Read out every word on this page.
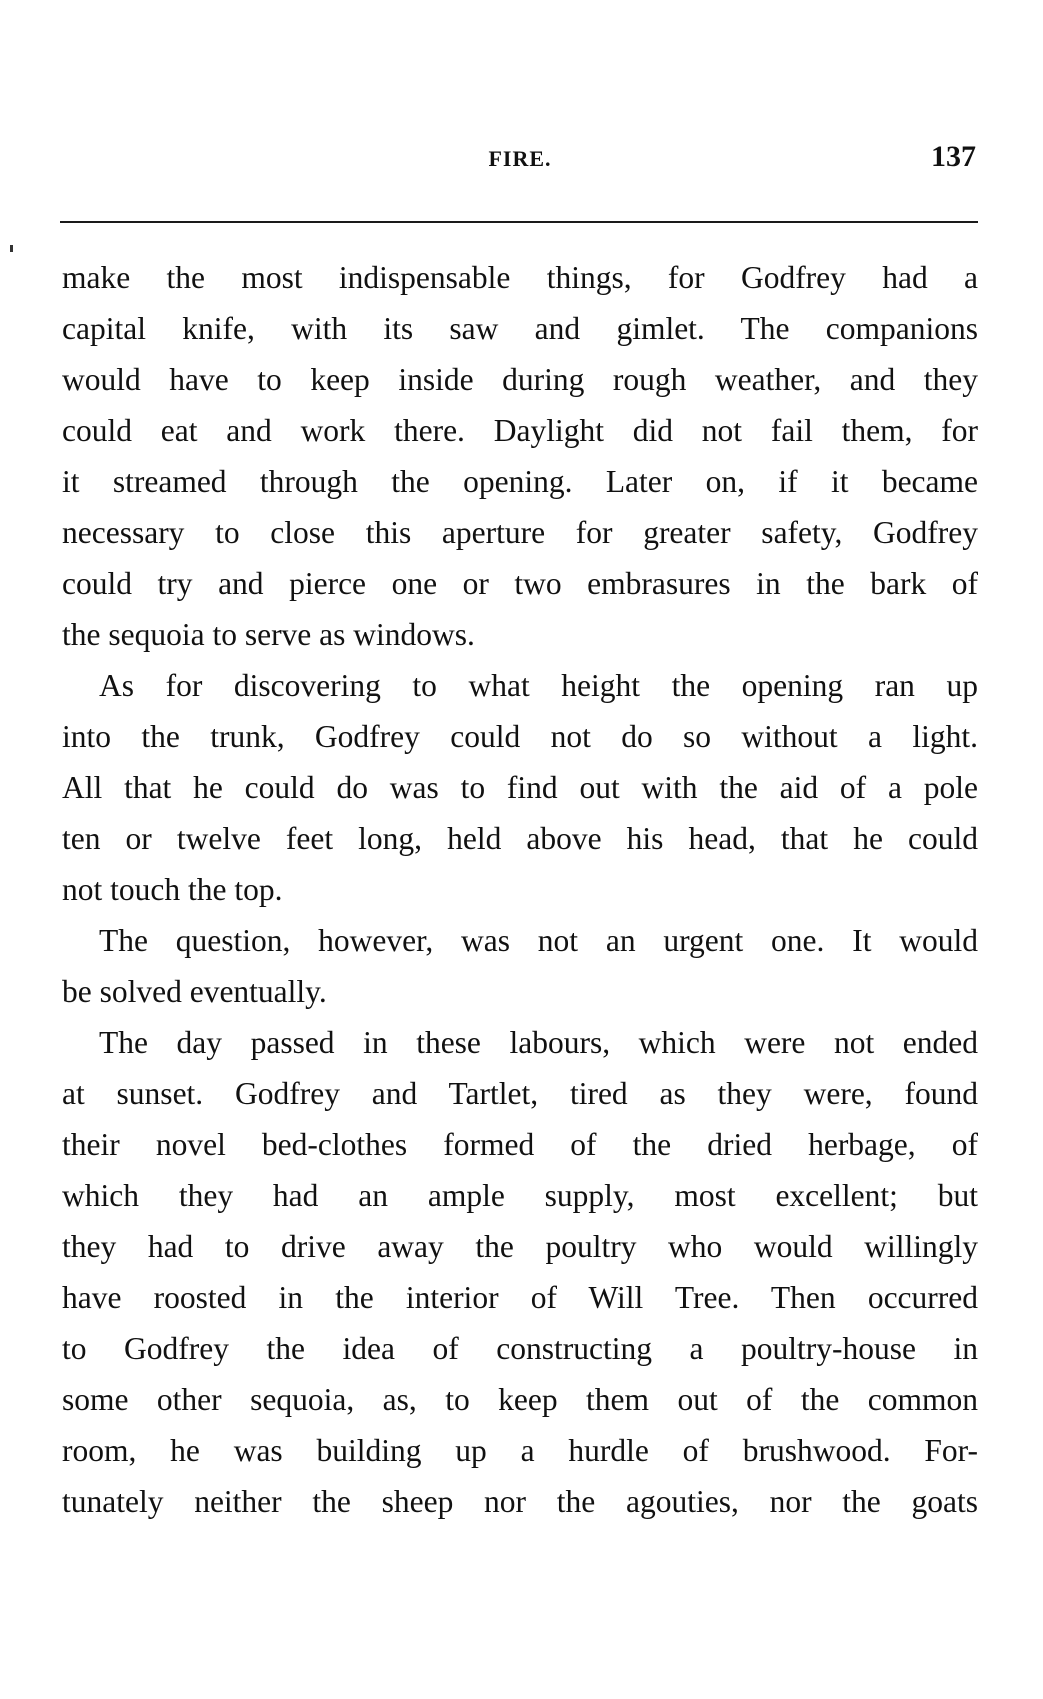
FIRE.	137
make the most indispensable things, for Godfrey had a
capital knife, with its saw and gimlet. The companions
would have to keep inside during rough weather, and they
could eat and work there. Daylight did not fail them, for
it streamed through the opening. Later on, if it became
necessary to close this aperture for greater safety, Godfrey
could try and pierce one or two embrasures in the bark of
the sequoia to serve as windows.
As for discovering to what height the opening ran up
into the trunk, Godfrey could not do so without a light.
All that he could do was to find out with the aid of a pole
ten or twelve feet long, held above his head, that he could
not touch the top.
The question, however, was not an urgent one. It would
be solved eventually.
The day passed in these labours, which were not ended
at sunset. Godfrey and Tartlet, tired as they were, found
their novel bed-clothes formed of the dried herbage, of
which they had an ample supply, most excellent; but
they had to drive away the poultry who would willingly
have roosted in the interior of Will Tree. Then occurred
to Godfrey the idea of constructing a poultry-house in
some other sequoia, as, to keep them out of the common
room, he was building up a hurdle of brushwood. For-
tunately neither the sheep nor the agouties, nor the goats
